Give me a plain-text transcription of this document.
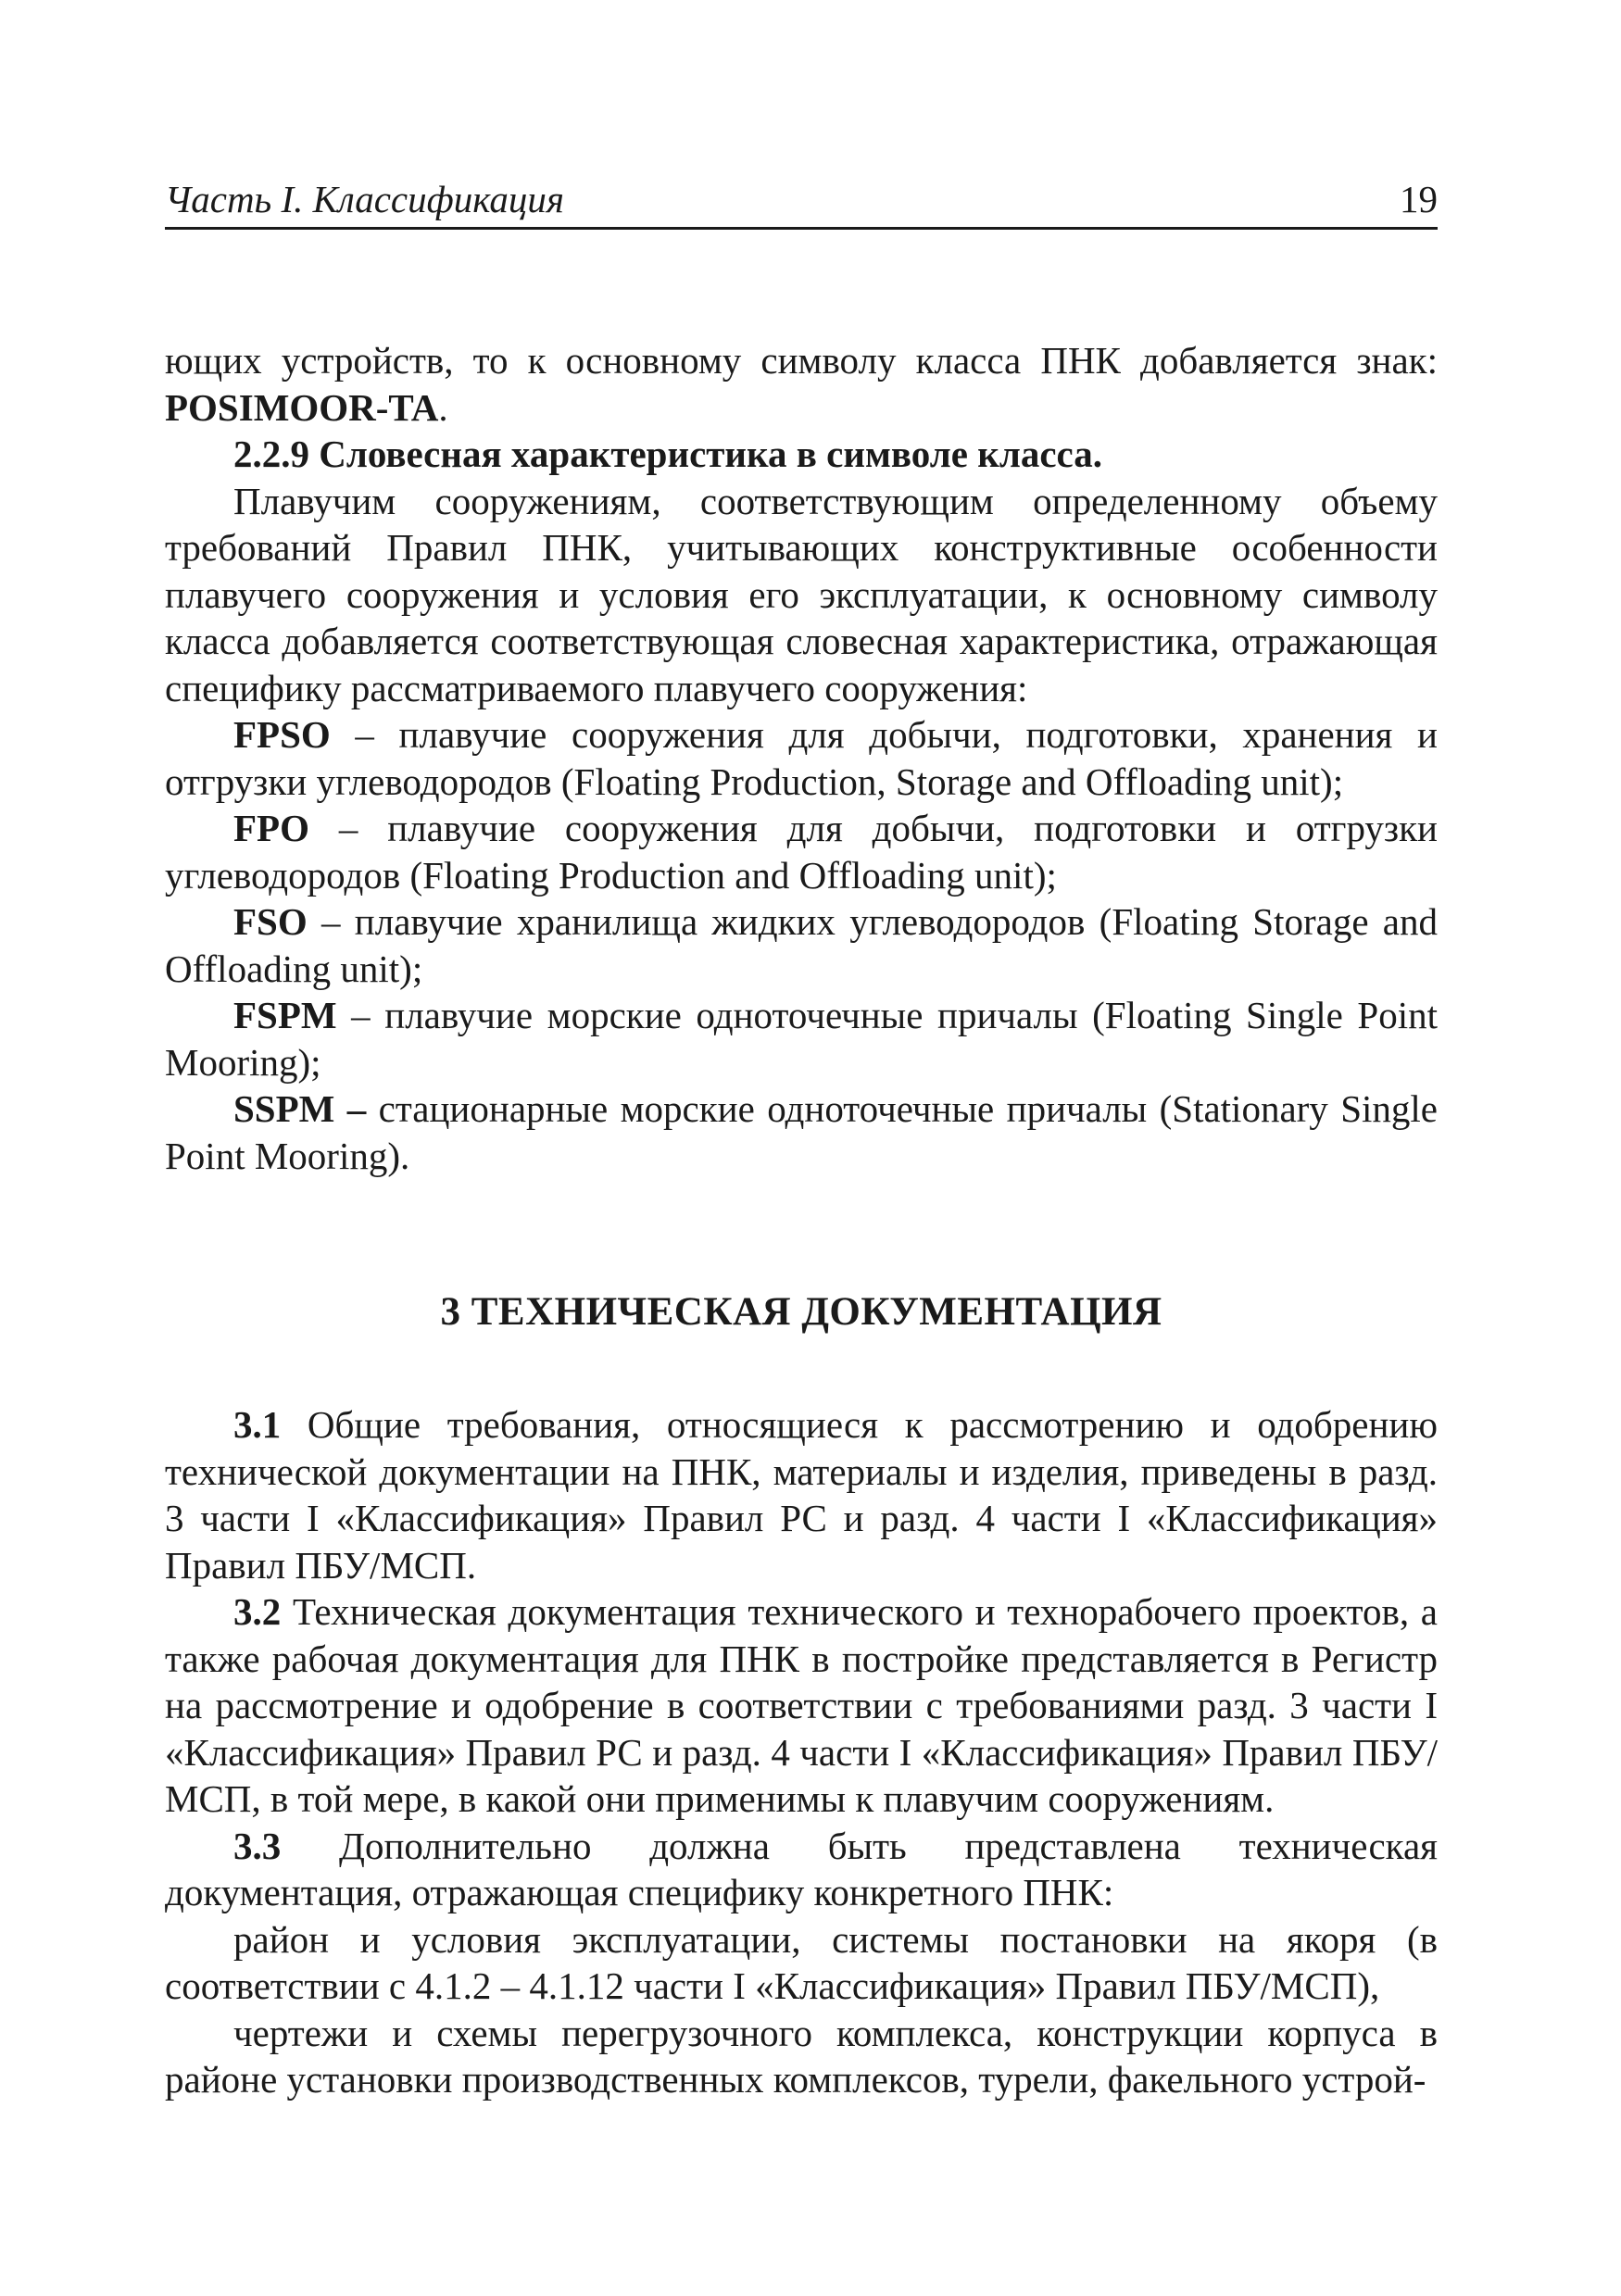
Часть I. Классификация	19

ющих устройств, то к основному символу класса ПНК добавляется знак: POSIMOOR-TA.

2.2.9 Словесная характеристика в символе класса.

Плавучим сооружениям, соответствующим определенному объему требований Правил ПНК, учитывающих конструктивные особенности плавучего сооружения и условия его эксплуатации, к основному символу класса добавляется соответствующая словесная характеристика, отражающая специфику рассматриваемого плавучего сооружения:

FPSO – плавучие сооружения для добычи, подготовки, хранения и отгрузки углеводородов (Floating Production, Storage and Offloading unit);

FPO – плавучие сооружения для добычи, подготовки и отгрузки углеводородов (Floating Production and Offloading unit);

FSO – плавучие хранилища жидких углеводородов (Floating Storage and Offloading unit);

FSPM – плавучие морские одноточечные причалы (Floating Single Point Mooring);

SSPM – стационарные морские одноточечные причалы (Stationary Single Point Mooring).

3 ТЕХНИЧЕСКАЯ ДОКУМЕНТАЦИЯ

3.1 Общие требования, относящиеся к рассмотрению и одобрению технической документации на ПНК, материалы и изделия, приведены в разд. 3 части I «Классификация» Правил РС и разд. 4 части I «Классификация» Правил ПБУ/МСП.

3.2 Техническая документация технического и технорабочего проектов, а также рабочая документация для ПНК в постройке представляется в Регистр на рассмотрение и одобрение в соответствии с требованиями разд. 3 части I «Классификация» Правил РС и разд. 4 части I «Классификация» Правил ПБУ/МСП, в той мере, в какой они применимы к плавучим сооружениям.

3.3 Дополнительно должна быть представлена техническая документация, отражающая специфику конкретного ПНК:

район и условия эксплуатации, системы постановки на якоря (в соответствии с 4.1.2 – 4.1.12 части I «Классификация» Правил ПБУ/МСП),

чертежи и схемы перегрузочного комплекса, конструкции корпуса в районе установки производственных комплексов, турели, факельного устрой-
